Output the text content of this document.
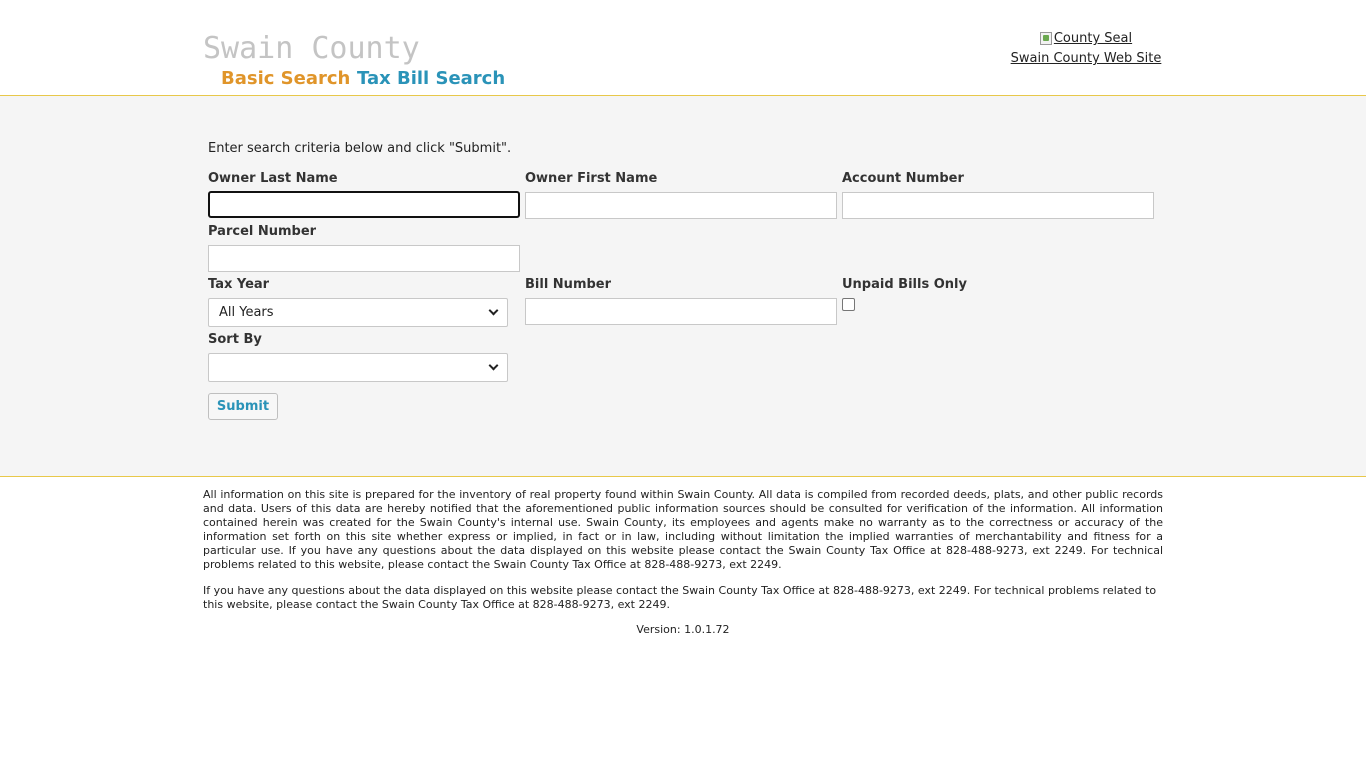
Swain County
Basic Search Tax Bill Search
County Seal
Swain County Web Site
Enter search criteria below and click "Submit".
Owner Last Name	Owner First Name	Account Number
Parcel Number
Tax Year
All Years
Bill Number	Unpaid Bills Only
Sort By
Submit

All information on this site is prepared for the inventory of real property found within Swain County. All data is compiled from recorded deeds, plats, and other public records and data. Users of this data are hereby notified that the aforementioned public information sources should be consulted for verification of the information. All information contained herein was created for the Swain County's internal use. Swain County, its employees and agents make no warranty as to the correctness or accuracy of the information set forth on this site whether express or implied, in fact or in law, including without limitation the implied warranties of merchantability and fitness for a particular use. If you have any questions about the data displayed on this website please contact the Swain County Tax Office at 828-488-9273, ext 2249. For technical problems related to this website, please contact the Swain County Tax Office at 828-488-9273, ext 2249.

If you have any questions about the data displayed on this website please contact the Swain County Tax Office at 828-488-9273, ext 2249. For technical problems related to this website, please contact the Swain County Tax Office at 828-488-9273, ext 2249.

Version: 1.0.1.72
